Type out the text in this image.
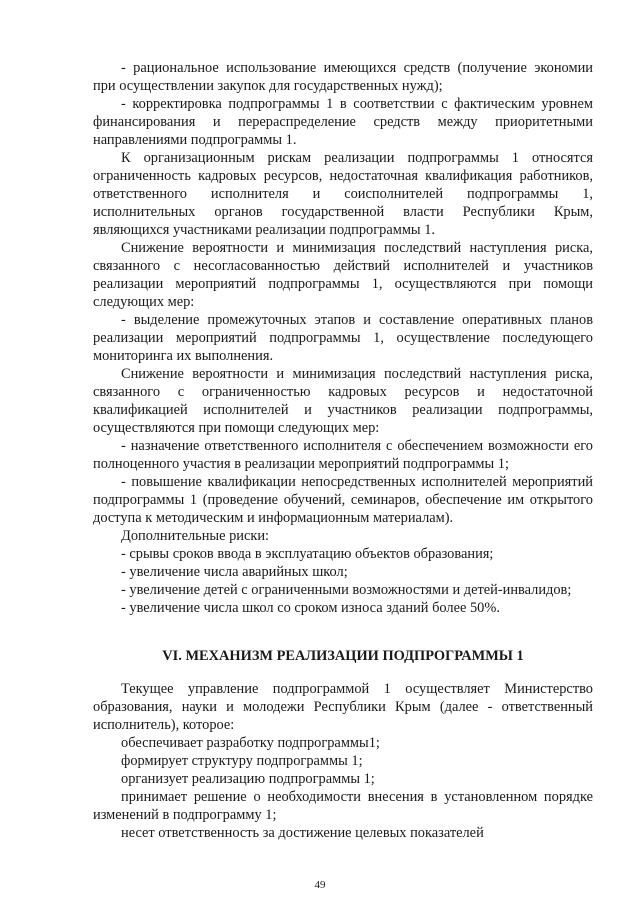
- рациональное использование имеющихся средств (получение экономии при осуществлении закупок для государственных нужд);

- корректировка подпрограммы 1 в соответствии с фактическим уровнем финансирования и перераспределение средств между приоритетными направлениями подпрограммы 1.

К организационным рискам реализации подпрограммы 1 относятся ограниченность кадровых ресурсов, недостаточная квалификация работников, ответственного исполнителя и соисполнителей подпрограммы 1, исполнительных органов государственной власти Республики Крым, являющихся участниками реализации подпрограммы 1.

Снижение вероятности и минимизация последствий наступления риска, связанного с несогласованностью действий исполнителей и участников реализации мероприятий подпрограммы 1, осуществляются при помощи следующих мер:

- выделение промежуточных этапов и составление оперативных планов реализации мероприятий подпрограммы 1, осуществление последующего мониторинга их выполнения.

Снижение вероятности и минимизация последствий наступления риска, связанного с ограниченностью кадровых ресурсов и недостаточной квалификацией исполнителей и участников реализации подпрограммы, осуществляются при помощи следующих мер:

- назначение ответственного исполнителя с обеспечением возможности его полноценного участия в реализации мероприятий подпрограммы 1;

- повышение квалификации непосредственных исполнителей мероприятий подпрограммы 1 (проведение обучений, семинаров, обеспечение им открытого доступа к методическим и информационным материалам).

Дополнительные риски:

- срывы сроков ввода в эксплуатацию объектов образования;

- увеличение числа аварийных школ;

- увеличение детей с ограниченными возможностями и детей-инвалидов;

- увеличение числа школ со сроком износа зданий более 50%.

VI. МЕХАНИЗМ РЕАЛИЗАЦИИ ПОДПРОГРАММЫ 1

Текущее управление подпрограммой 1 осуществляет Министерство образования, науки и молодежи Республики Крым (далее - ответственный исполнитель), которое:

обеспечивает разработку подпрограммы1;

формирует структуру подпрограммы 1;

организует реализацию подпрограммы 1;

принимает решение о необходимости внесения в установленном порядке изменений в подпрограмму 1;

несет ответственность за достижение целевых показателей

49
